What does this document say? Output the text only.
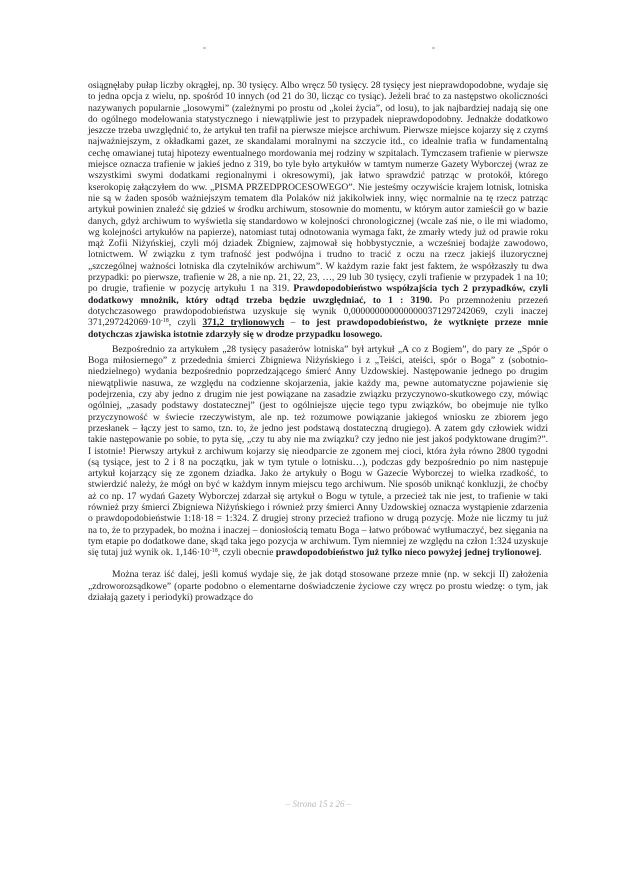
osiągnęłaby pułap liczby okrągłej, np. 30 tysięcy. Albo wręcz 50 tysięcy. 28 tysięcy jest nieprawdopodobne, wydaje się to jedna opcja z wielu, np. spośród 10 innych (od 21 do 30, licząc co tysiąc). Jeżeli brać to za następstwo okoliczności nazywanych popularnie „losowymi” (zależnymi po prostu od „kolei życia”, od losu), to jak najbardziej nadają się one do ogólnego modelowania statystycznego i niewątpliwie jest to przypadek nieprawdopodobny. Jednakże dodatkowo jeszcze trzeba uwzględnić to, że artykuł ten trafił na pierwsze miejsce archiwum. Pierwsze miejsce kojarzy się z czymś najważniejszym, z okładkami gazet, ze skandalami moralnymi na szczycie itd., co idealnie trafia w fundamentalną cechę omawianej tutaj hipotezy ewentualnego mordowania mej rodziny w szpitalach. Tymczasem trafienie w pierwsze miejsce oznacza trafienie w jakieś jedno z 319, bo tyle było artykułów w tamtym numerze Gazety Wyborczej (wraz ze wszystkimi swymi dodatkami regionalnymi i okresowymi), jak łatwo sprawdzić patrząc w protokół, którego kserokopię załączyłem do ww. „PISMA PRZEDPROCESOWEGO”. Nie jesteśmy oczywiście krajem lotnisk, lotniska nie są w żaden sposób ważniejszym tematem dla Polaków niż jakikolwiek inny, więc normalnie na tę rzecz patrząc artykuł powinien znaleźć się gdzieś w środku archiwum, stosownie do momentu, w którym autor zamieścił go w bazie danych, gdyż archiwum to wyświetla się standardowo w kolejności chronologicznej (wcale zaś nie, o ile mi wiadomo, wg kolejności artykułów na papierze), natomiast tutaj odnotowania wymaga fakt, że zmarły wtedy już od prawie roku mąż Zofii Niżyńskiej, czyli mój dziadek Zbigniew, zajmował się hobbystycznie, a wcześniej bodajże zawodowo, lotnictwem. W związku z tym trafność jest podwójna i trudno to tracić z oczu na rzecz jakiejś iluzorycznej „szczególnej ważności lotniska dla czytelników archiwum”. W każdym razie fakt jest faktem, że współzaszły tu dwa przypadki: po pierwsze, trafienie w 28, a nie np. 21, 22, 23, …, 29 lub 30 tysięcy, czyli trafienie w przypadek 1 na 10; po drugie, trafienie w pozycję artykułu 1 na 319. Prawdopodobieństwo współzajścia tych 2 przypadków, czyli dodatkowy mnożnik, który odtąd trzeba będzie uwzględniać, to 1 : 3190. Po przemnożeniu przezeń dotychczasowego prawdopodobieństwa uzyskuje się wynik 0,0000000000000000371297242069, czyli inaczej $371,297242069\cdot 10^{-18}$, czyli 371,2 trylionowych – to jest prawdopodobieństwo, że wytknięte przeze mnie dotychczas zjawiska istotnie zdarzyły się w drodze przypadku losowego.

Bezpośrednio za artykułem „28 tysięcy pasażerów lotniska” był artykuł „A co z Bogiem”, do pary ze „Spór o Boga miłosiernego” z przedednia śmierci Zbigniewa Niżyńskiego i z „Teiści, ateiści, spór o Boga” z (sobotnio-niedzielnego) wydania bezpośrednio poprzedzającego śmierć Anny Uzdowskiej. Następowanie jednego po drugim niewątpliwie nasuwa, ze względu na codzienne skojarzenia, jakie każdy ma, pewne automatyczne pojawienie się podejrzenia, czy aby jedno z drugim nie jest powiązane na zasadzie związku przyczynowo-skutkowego czy, mówiąc ogólniej, „zasady podstawy dostatecznej” (jest to ogólniejsze ujęcie tego typu związków, bo obejmuje nie tylko przyczynowość w świecie rzeczywistym, ale np. też rozumowe powiązanie jakiegoś wniosku ze zbiorem jego przesłanek – łączy jest to samo, tzn. to, że jedno jest podstawą dostateczną drugiego). A zatem gdy człowiek widzi takie następowanie po sobie, to pyta się, „czy tu aby nie ma związku? czy jedno nie jest jakoś podyktowane drugim?”. I istotnie! Pierwszy artykuł z archiwum kojarzy się nieodparcie ze zgonem mej cioci, która żyła równo 2800 tygodni (są tysiące, jest to 2 i 8 na początku, jak w tym tytule o lotnisku…), podczas gdy bezpośrednio po nim następuje artykuł kojarzący się ze zgonem dziadka. Jako że artykuły o Bogu w Gazecie Wyborczej to wielka rzadkość, to stwierdzić należy, że mógł on być w każdym innym miejscu tego archiwum. Nie sposób uniknąć konkluzji, że choćby aż co np. 17 wydań Gazety Wyborczej zdarzał się artykuł o Bogu w tytule, a przecież tak nie jest, to trafienie w taki również przy śmierci Zbigniewa Niżyńskiego i również przy śmierci Anny Uzdowskiej oznacza wystąpienie zdarzenia o prawdopodobieństwie 1:18·18 = 1:324. Z drugiej strony przecież trafiono w drugą pozycję. Może nie liczmy tu już na to, że to przypadek, bo można i inaczej – doniosłością tematu Boga – łatwo próbować wytłumaczyć, bez sięgania na tym etapie po dodatkowe dane, skąd taka jego pozycja w archiwum. Tym niemniej ze względu na człon 1:324 uzyskuje się tutaj już wynik ok. $1,146\cdot 10^{-18}$, czyli obecnie prawdopodobieństwo już tylko nieco powyżej jednej trylionowej.

Można teraz iść dalej, jeśli komuś wydaje się, że jak dotąd stosowane przeze mnie (np. w sekcji II) założenia „zdroworozsądkowe” (oparte podobno o elementarne doświadczenie życiowe czy wręcz po prostu wiedzę: o tym, jak działają gazety i periodyki) prowadzące do

– Strona 15 z 26 –
